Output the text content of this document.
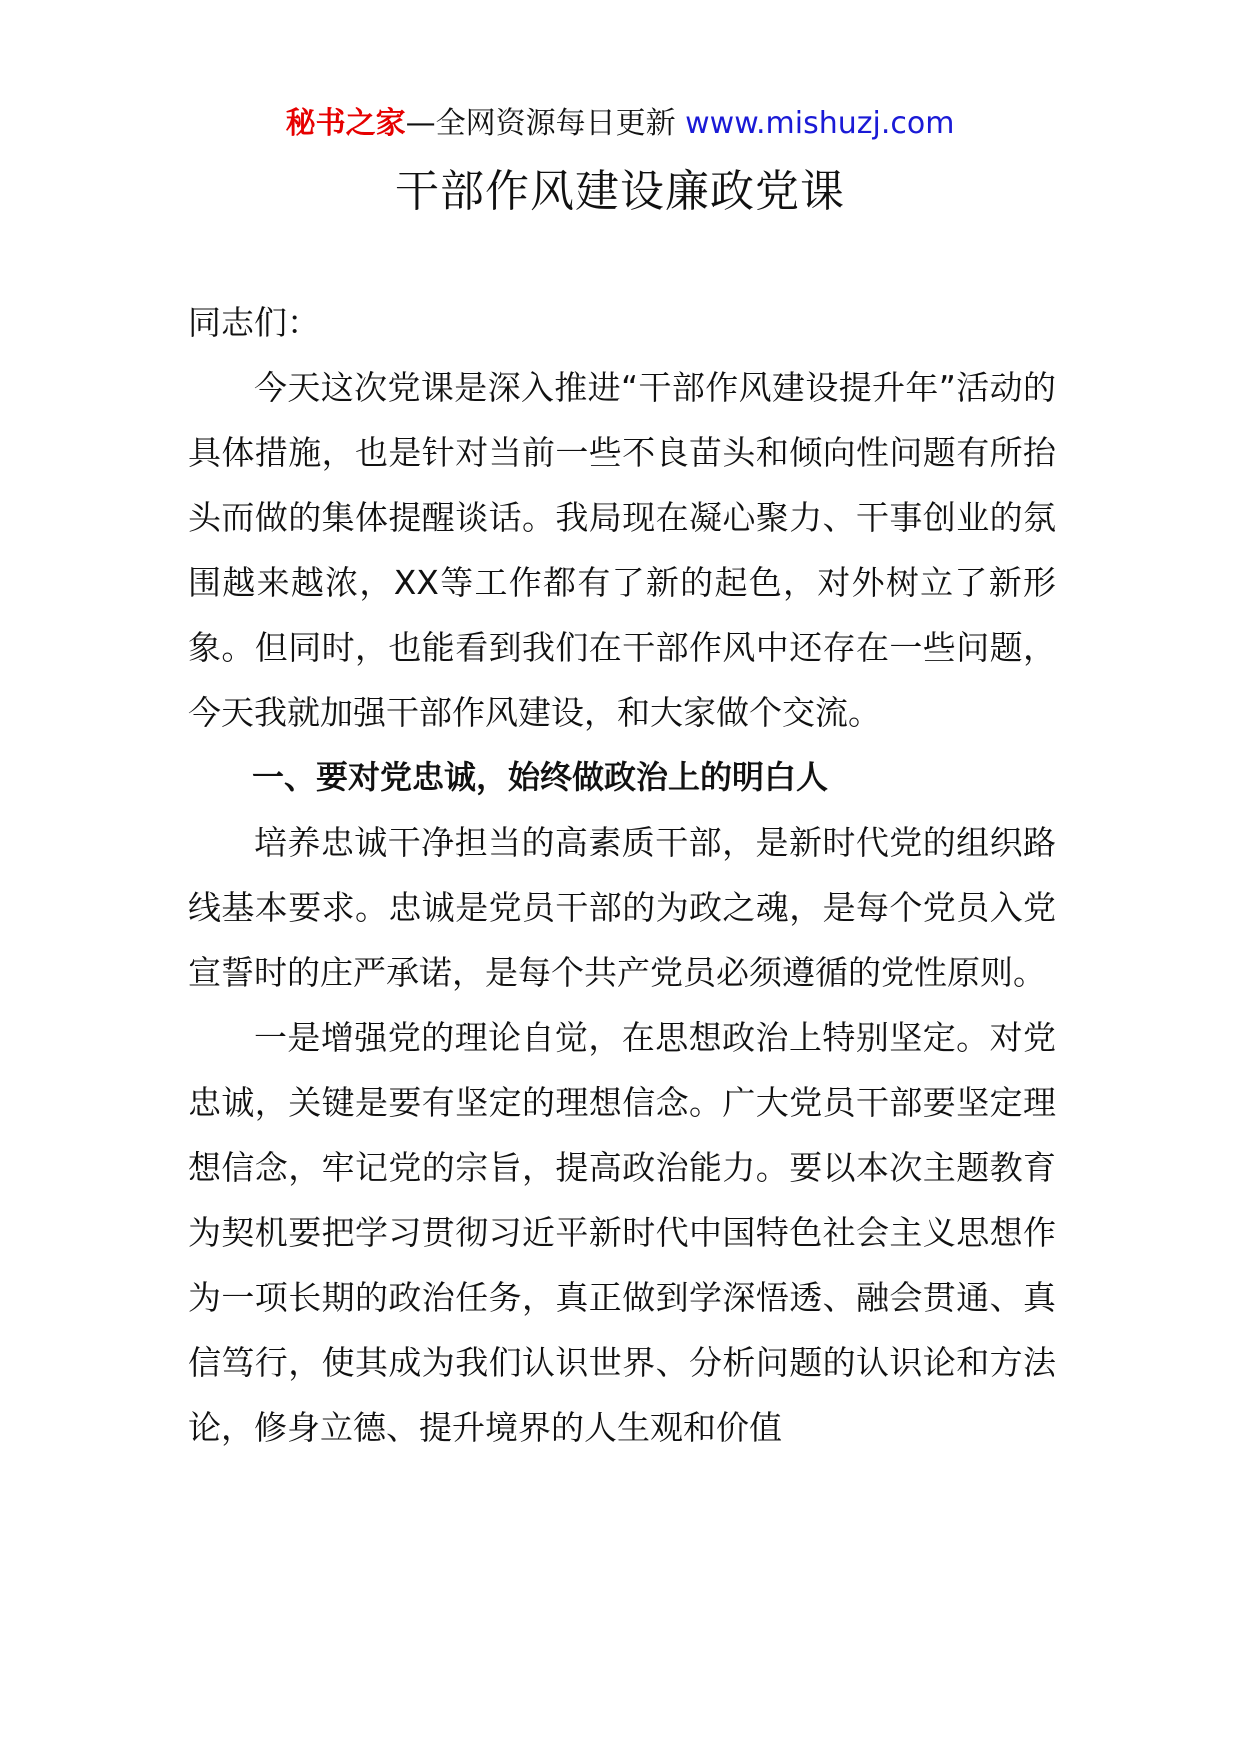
秘书之家—全网资源每日更新 www.mishuzj.com
干部作风建设廉政党课

同志们：

今天这次党课是深入推进“干部作风建设提升年”活动的具体措施，也是针对当前一些不良苗头和倾向性问题有所抬头而做的集体提醒谈话。我局现在凝心聚力、干事创业的氛围越来越浓，XX等工作都有了新的起色，对外树立了新形象。但同时，也能看到我们在干部作风中还存在一些问题，今天我就加强干部作风建设，和大家做个交流。

一、要对党忠诚，始终做政治上的明白人

培养忠诚干净担当的高素质干部，是新时代党的组织路线基本要求。忠诚是党员干部的为政之魂，是每个党员入党宣誓时的庄严承诺，是每个共产党员必须遵循的党性原则。

一是增强党的理论自觉，在思想政治上特别坚定。对党忠诚，关键是要有坚定的理想信念。广大党员干部要坚定理想信念，牢记党的宗旨，提高政治能力。要以本次主题教育为契机要把学习贯彻习近平新时代中国特色社会主义思想作为一项长期的政治任务，真正做到学深悟透、融会贯通、真信笃行，使其成为我们认识世界、分析问题的认识论和方法论，修身立德、提升境界的人生观和价值
